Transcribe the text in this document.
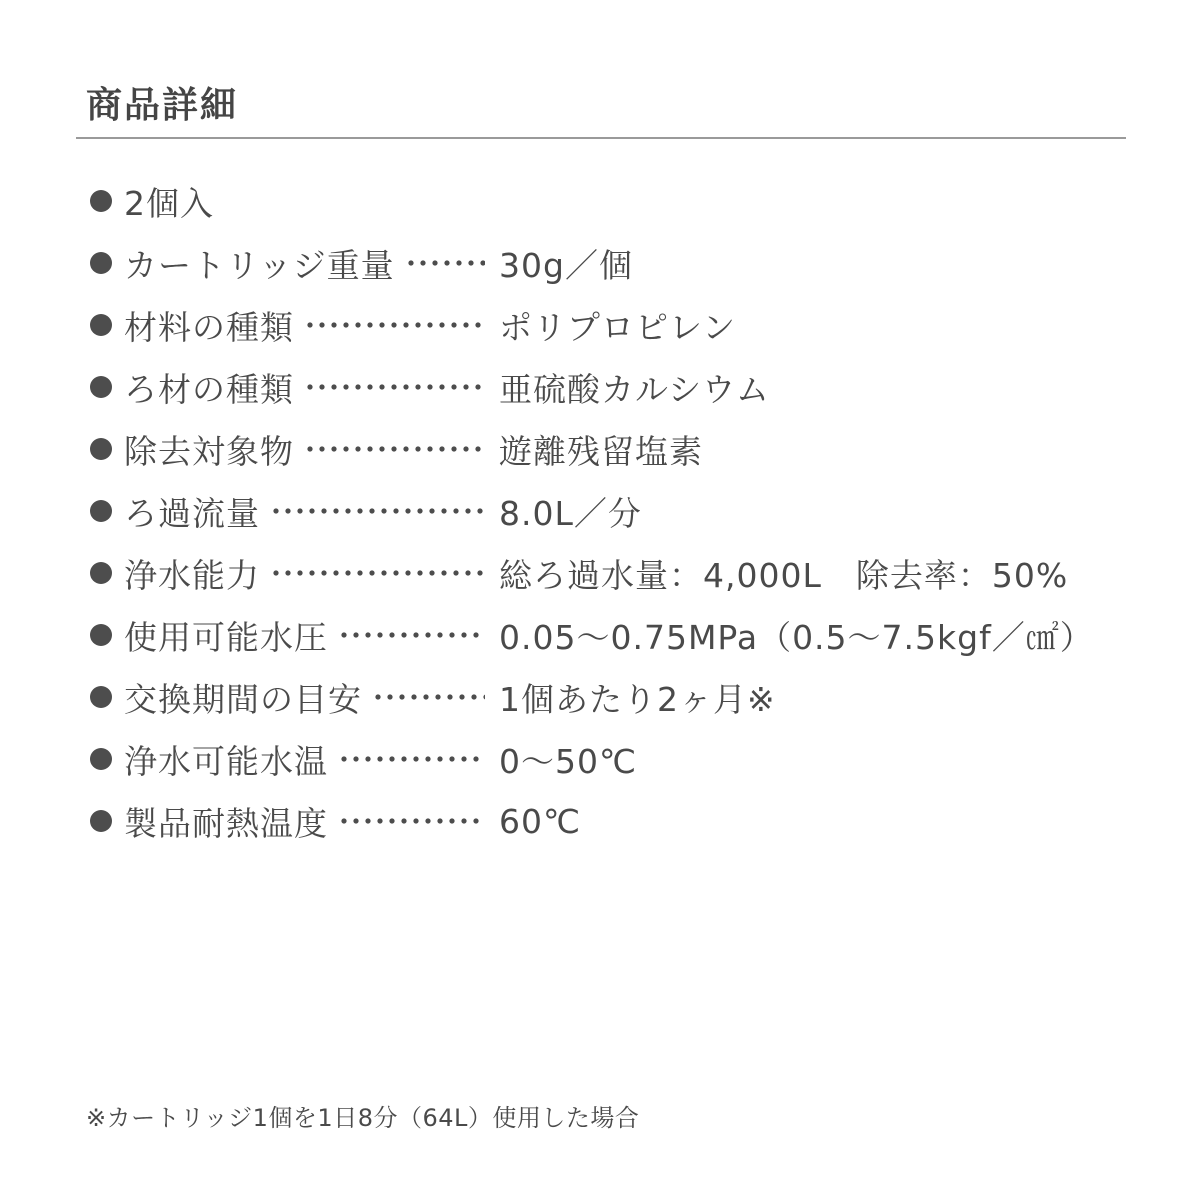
商品詳細
2個入
カートリッジ重量	30g／個
材料の種類	ポリプロピレン
ろ材の種類	亜硫酸カルシウム
除去対象物	遊離残留塩素
ろ過流量	8.0L／分
浄水能力	総ろ過水量：4,000L　除去率：50%
使用可能水圧	0.05〜0.75MPa（0.5〜7.5kgf／㎠）
交換期間の目安	1個あたり2ヶ月※
浄水可能水温	0〜50℃
製品耐熱温度	60℃
※カートリッジ1個を1日8分（64L）使用した場合
